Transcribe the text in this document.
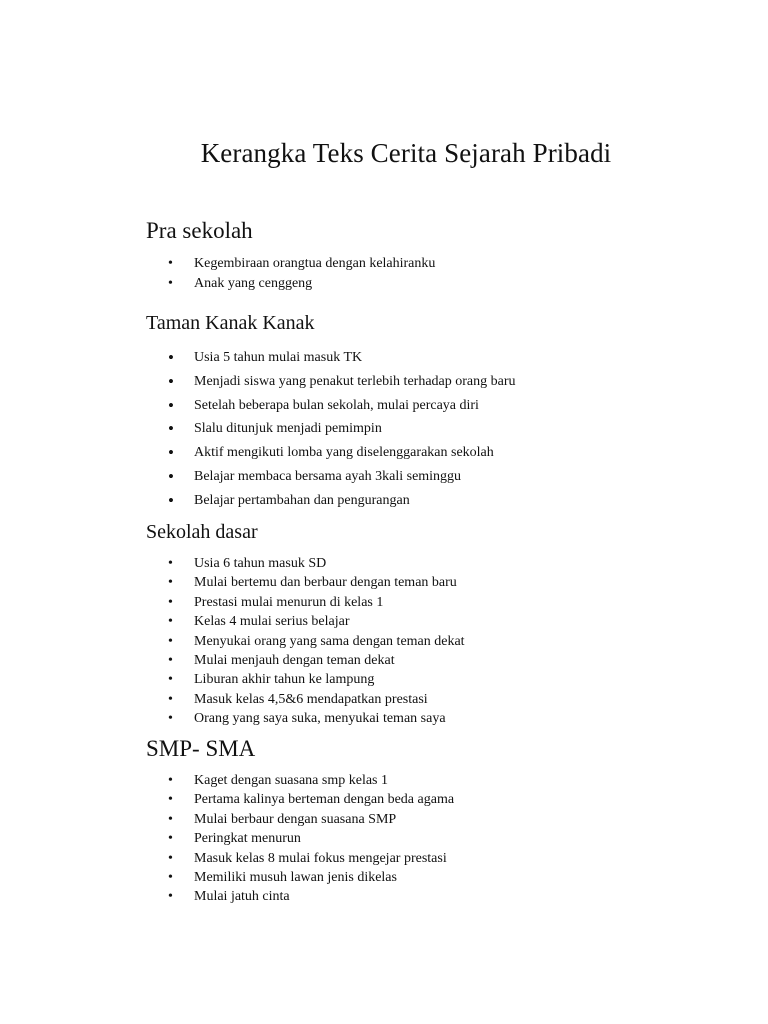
Kerangka Teks Cerita Sejarah Pribadi
Pra sekolah
• Kegembiraan orangtua dengan kelahiranku
• Anak yang cenggeng
Taman Kanak Kanak
• Usia 5 tahun mulai masuk TK
• Menjadi siswa yang penakut terlebih terhadap orang baru
• Setelah beberapa bulan sekolah, mulai percaya diri
• Slalu ditunjuk menjadi pemimpin
• Aktif mengikuti lomba yang diselenggarakan sekolah
• Belajar membaca bersama ayah 3kali seminggu
• Belajar pertambahan dan pengurangan
Sekolah dasar
• Usia 6 tahun masuk SD
• Mulai bertemu dan berbaur dengan teman baru
• Prestasi mulai menurun di kelas 1
• Kelas 4 mulai serius belajar
• Menyukai orang yang sama dengan teman dekat
• Mulai menjauh dengan teman dekat
• Liburan akhir tahun ke lampung
• Masuk kelas 4,5&6 mendapatkan prestasi
• Orang yang saya suka, menyukai teman saya
SMP- SMA
• Kaget dengan suasana smp kelas 1
• Pertama kalinya berteman dengan beda agama
• Mulai berbaur dengan suasana SMP
• Peringkat menurun
• Masuk kelas 8 mulai fokus mengejar prestasi
• Memiliki musuh lawan jenis dikelas
• Mulai jatuh cinta
